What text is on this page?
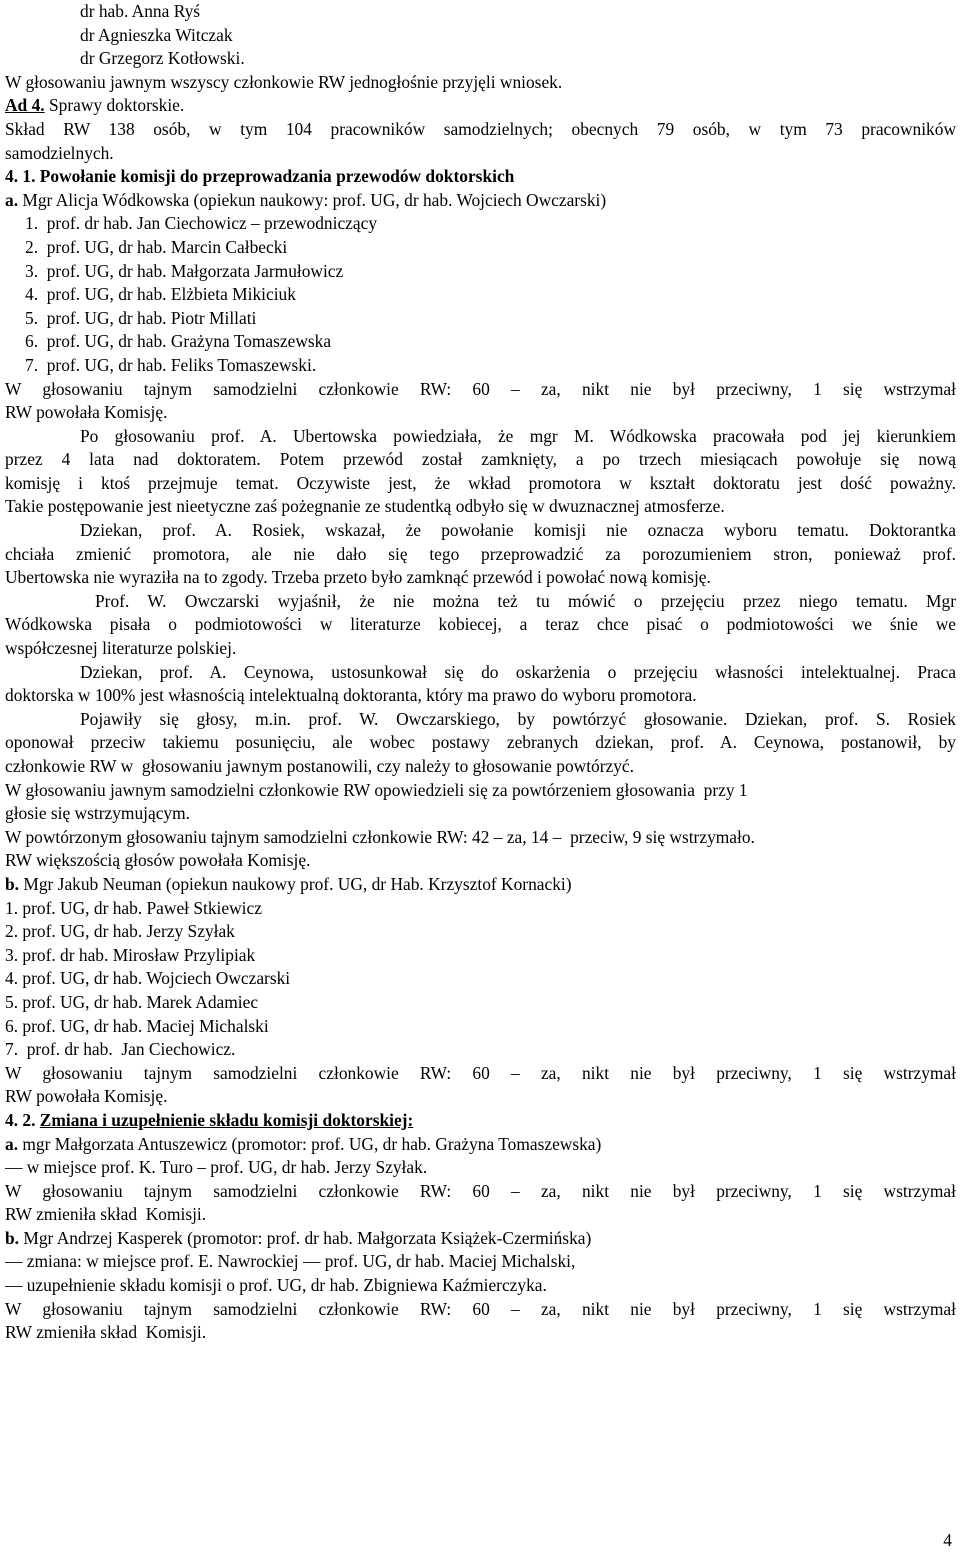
dr hab. Anna Ryś
dr Agnieszka Witczak
dr Grzegorz Kotłowski.
W głosowaniu jawnym wszyscy członkowie RW jednogłośnie przyjęli wniosek.
Ad 4. Sprawy doktorskie.
Skład RW 138 osób, w tym 104 pracowników samodzielnych; obecnych 79 osób, w tym 73 pracowników
samodzielnych.
4. 1. Powołanie komisji do przeprowadzania przewodów doktorskich
a. Mgr Alicja Wódkowska (opiekun naukowy: prof. UG, dr hab. Wojciech Owczarski)
1.  prof. dr hab. Jan Ciechowicz – przewodniczący
2.  prof. UG, dr hab. Marcin Całbecki
3.  prof. UG, dr hab. Małgorzata Jarmułowicz
4.  prof. UG, dr hab. Elżbieta Mikiciuk
5.  prof. UG, dr hab. Piotr Millati
6.  prof. UG, dr hab. Grażyna Tomaszewska
7.  prof. UG, dr hab. Feliks Tomaszewski.
W głosowaniu tajnym samodzielni członkowie RW: 60 – za, nikt nie był przeciwny, 1 się wstrzymał
RW powołała Komisję.
Po głosowaniu prof. A. Ubertowska powiedziała, że mgr M. Wódkowska pracowała pod jej kierunkiem
przez 4 lata nad doktoratem. Potem przewód został zamknięty, a po trzech miesiącach powołuje się nową
komisję i ktoś przejmuje temat. Oczywiste jest, że wkład promotora w kształt doktoratu jest dość poważny.
Takie postępowanie jest nieetyczne zaś pożegnanie ze studentką odbyło się w dwuznacznej atmosferze.
Dziekan, prof. A. Rosiek, wskazał, że powołanie komisji nie oznacza wyboru tematu. Doktorantka
chciała zmienić promotora, ale nie dało się tego przeprowadzić za porozumieniem stron, ponieważ prof.
Ubertowska nie wyraziła na to zgody. Trzeba przeto było zamknąć przewód i powołać nową komisję.
Prof. W. Owczarski wyjaśnił, że nie można też tu mówić o przejęciu przez niego tematu. Mgr
Wódkowska pisała o podmiotowości w literaturze kobiecej, a teraz chce pisać o podmiotowości we śnie we
współczesnej literaturze polskiej.
Dziekan, prof. A. Ceynowa, ustosunkował się do oskarżenia o przejęciu własności intelektualnej. Praca
doktorska w 100% jest własnością intelektualną doktoranta, który ma prawo do wyboru promotora.
Pojawiły się głosy, m.in. prof. W. Owczarskiego, by powtórzyć głosowanie. Dziekan, prof. S. Rosiek
oponował przeciw takiemu posunięciu, ale wobec postawy zebranych dziekan, prof. A. Ceynowa, postanowił, by
członkowie RW w  głosowaniu jawnym postanowili, czy należy to głosowanie powtórzyć.
W głosowaniu jawnym samodzielni członkowie RW opowiedzieli się za powtórzeniem głosowania  przy 1
głosie się wstrzymującym.
W powtórzonym głosowaniu tajnym samodzielni członkowie RW: 42 – za, 14 –  przeciw, 9 się wstrzymało.
RW większością głosów powołała Komisję.
b. Mgr Jakub Neuman (opiekun naukowy prof. UG, dr Hab. Krzysztof Kornacki)
1. prof. UG, dr hab. Paweł Stkiewicz
2. prof. UG, dr hab. Jerzy Szyłak
3. prof. dr hab. Mirosław Przylipiak
4. prof. UG, dr hab. Wojciech Owczarski
5. prof. UG, dr hab. Marek Adamiec
6. prof. UG, dr hab. Maciej Michalski
7.  prof. dr hab.  Jan Ciechowicz.
W głosowaniu tajnym samodzielni członkowie RW: 60 – za, nikt nie był przeciwny, 1 się wstrzymał
RW powołała Komisję.
4. 2. Zmiana i uzupełnienie składu komisji doktorskiej:
a. mgr Małgorzata Antuszewicz (promotor: prof. UG, dr hab. Grażyna Tomaszewska)
— w miejsce prof. K. Turo – prof. UG, dr hab. Jerzy Szyłak.
W głosowaniu tajnym samodzielni członkowie RW: 60 – za, nikt nie był przeciwny, 1 się wstrzymał
RW zmieniła skład  Komisji.
b. Mgr Andrzej Kasperek (promotor: prof. dr hab. Małgorzata Książek-Czermińska)
— zmiana: w miejsce prof. E. Nawrockiej — prof. UG, dr hab. Maciej Michalski,
— uzupełnienie składu komisji o prof. UG, dr hab. Zbigniewa Kaźmierczyka.
W głosowaniu tajnym samodzielni członkowie RW: 60 – za, nikt nie był przeciwny, 1 się wstrzymał
RW zmieniła skład  Komisji.
4
